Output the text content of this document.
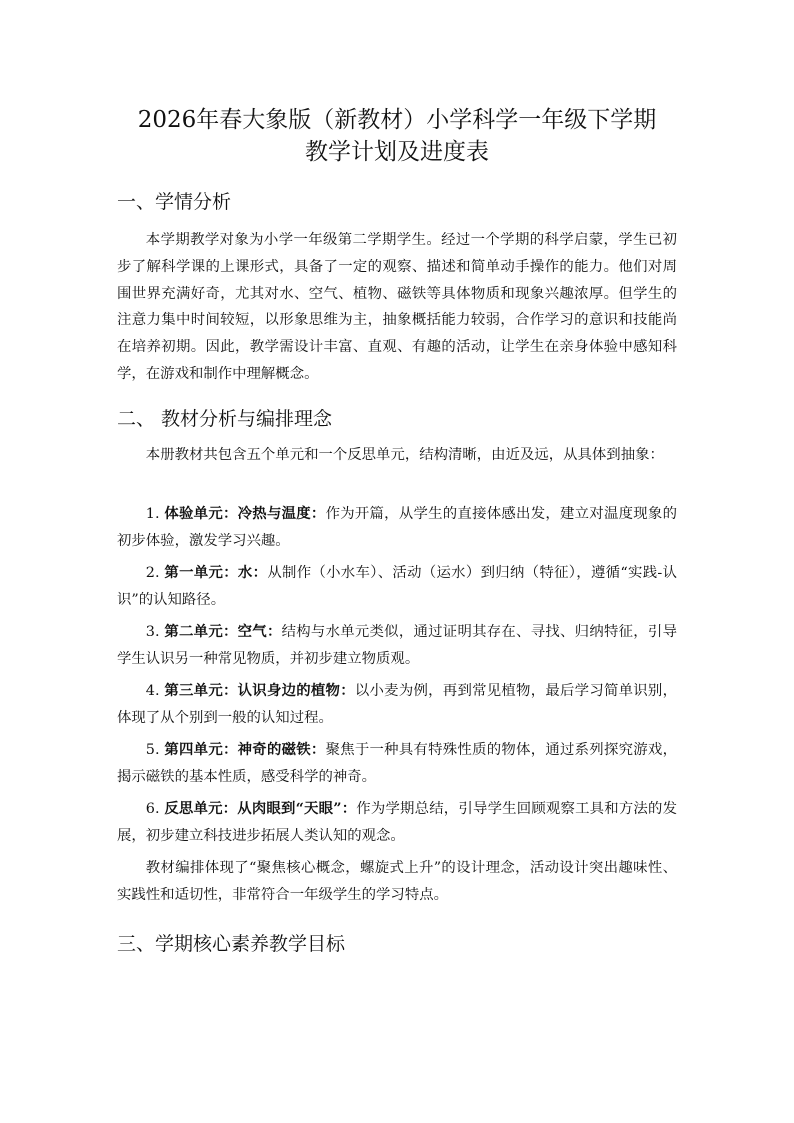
2026年春大象版（新教材）小学科学一年级下学期
教学计划及进度表
一、学情分析

本学期教学对象为小学一年级第二学期学生。经过一个学期的科学启蒙，学生已初步了解科学课的上课形式，具备了一定的观察、描述和简单动手操作的能力。他们对周围世界充满好奇，尤其对水、空气、植物、磁铁等具体物质和现象兴趣浓厚。但学生的注意力集中时间较短，以形象思维为主，抽象概括能力较弱，合作学习的意识和技能尚在培养初期。因此，教学需设计丰富、直观、有趣的活动，让学生在亲身体验中感知科学，在游戏和制作中理解概念。

二、 教材分析与编排理念

本册教材共包含五个单元和一个反思单元，结构清晰，由近及远，从具体到抽象：

1. 体验单元：冷热与温度：作为开篇，从学生的直接体感出发，建立对温度现象的初步体验，激发学习兴趣。

2. 第一单元：水：从制作（小水车）、活动（运水）到归纳（特征），遵循“实践-认识”的认知路径。

3. 第二单元：空气：结构与水单元类似，通过证明其存在、寻找、归纳特征，引导学生认识另一种常见物质，并初步建立物质观。

4. 第三单元：认识身边的植物：以小麦为例，再到常见植物，最后学习简单识别，体现了从个别到一般的认知过程。

5. 第四单元：神奇的磁铁：聚焦于一种具有特殊性质的物体，通过系列探究游戏，揭示磁铁的基本性质，感受科学的神奇。

6. 反思单元：从肉眼到“天眼”：作为学期总结，引导学生回顾观察工具和方法的发展，初步建立科技进步拓展人类认知的观念。

教材编排体现了“聚焦核心概念，螺旋式上升”的设计理念，活动设计突出趣味性、实践性和适切性，非常符合一年级学生的学习特点。

三、学期核心素养教学目标
